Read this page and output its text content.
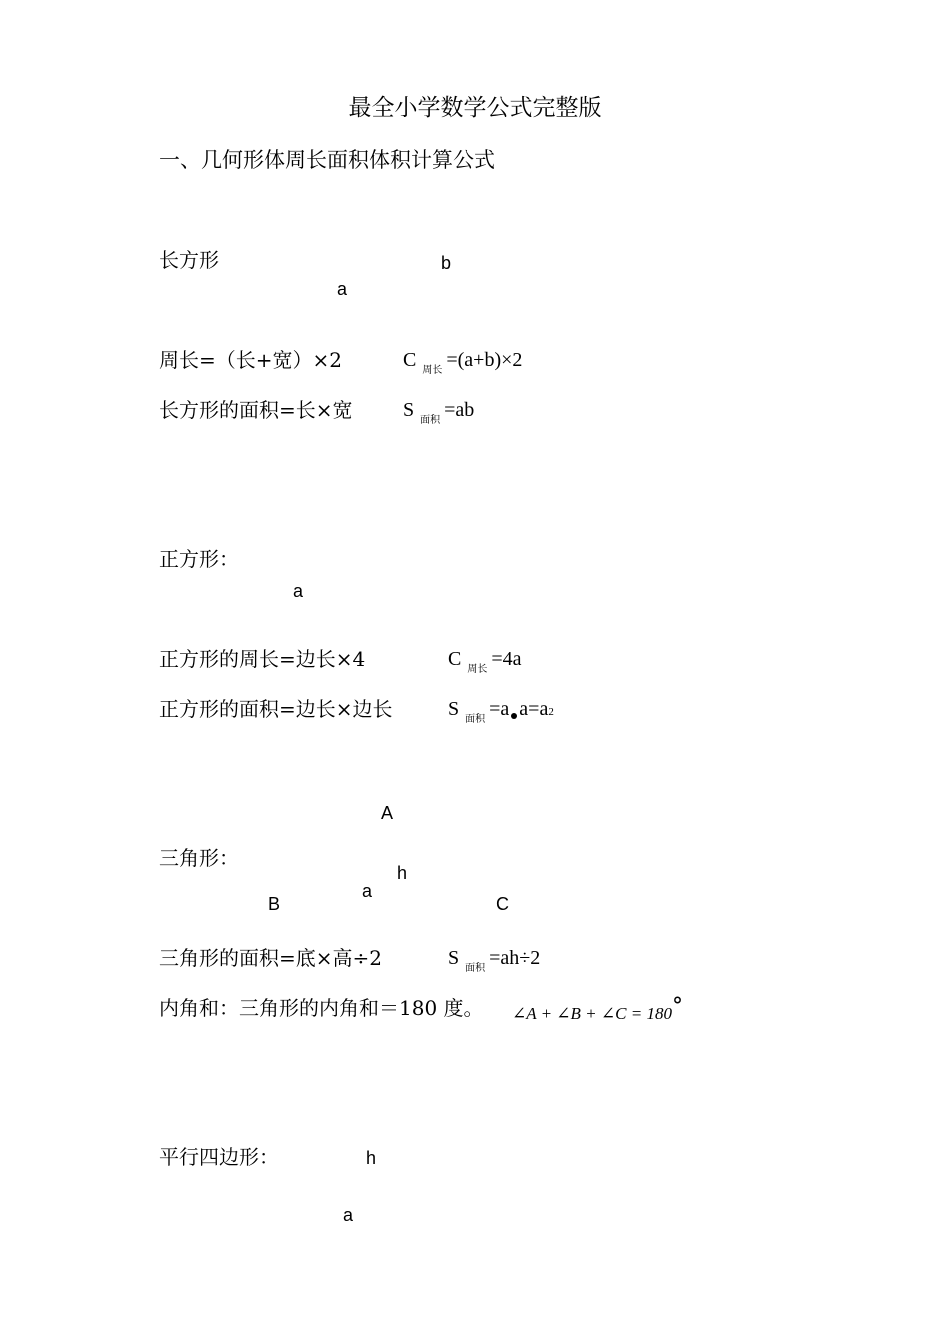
最全小学数学公式完整版
一、几何形体周长面积体积计算公式
长方形	b
a
周长=（长+宽）×2	C $_{周长}$ =(a+b)×2
长方形的面积=长×宽	S $_{面积}$ =ab
正方形：
a
正方形的周长=边长×4	C $_{周长}$ =4a
正方形的面积=边长×边长	S $_{面积}$ =a a=a2
A
三角形：
h
a
B	C
三角形的面积=底×高÷2	S $_{面积}$ =ah÷2
内角和：三角形的内角和＝180 度。 ∠A + ∠B + ∠C = 180°
平行四边形：	h
a
